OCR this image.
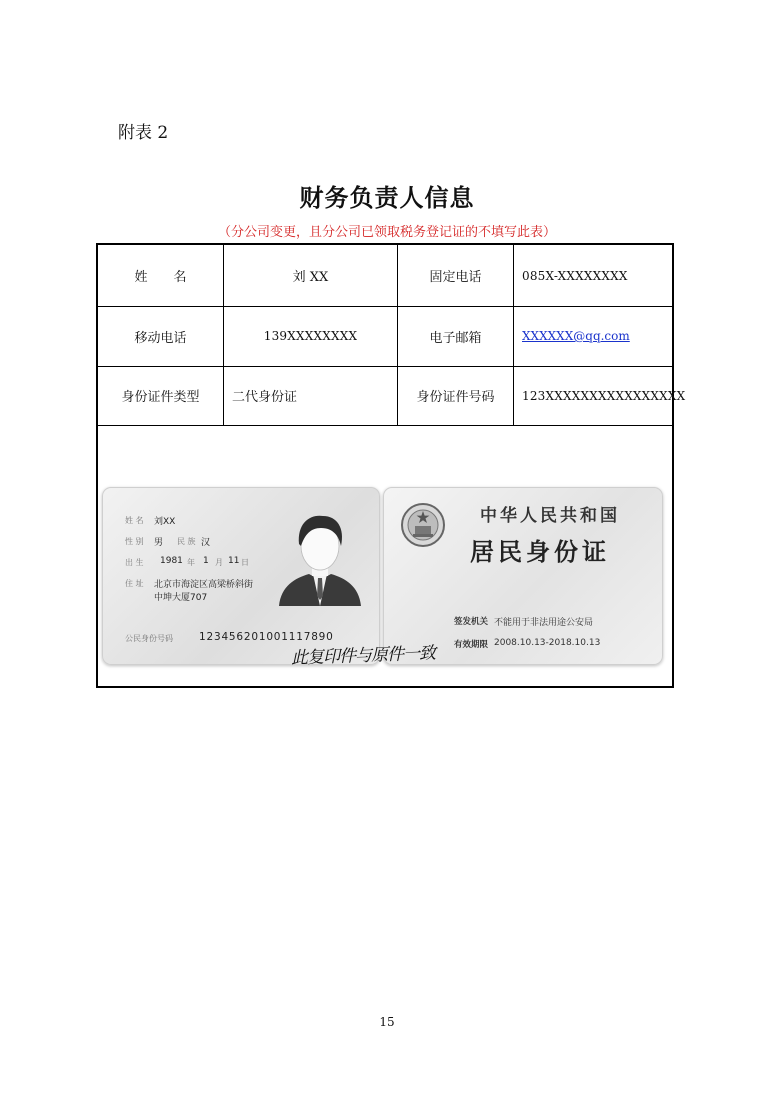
附表 2
财务负责人信息
（分公司变更，且分公司已领取税务登记证的不填写此表）
姓　　名	刘 XX	固定电话	085X-XXXXXXXX
移动电话	139XXXXXXXX	电子邮箱	XXXXXX@qq.com
身份证件类型	二代身份证	身份证件号码	123XXXXXXXXXXXXXXXX
姓 名 刘XX
性 别 男 民 族 汉
出 生 1981 年 1 月 11 日
住 址 北京市海淀区高梁桥斜街
中坤大厦707
公民身份号码 123456201001117890
中华人民共和国
居民身份证
签发机关 不能用于非法用途公安局
有效期限 2008.10.13-2018.10.13
此复印件与原件一致
15
